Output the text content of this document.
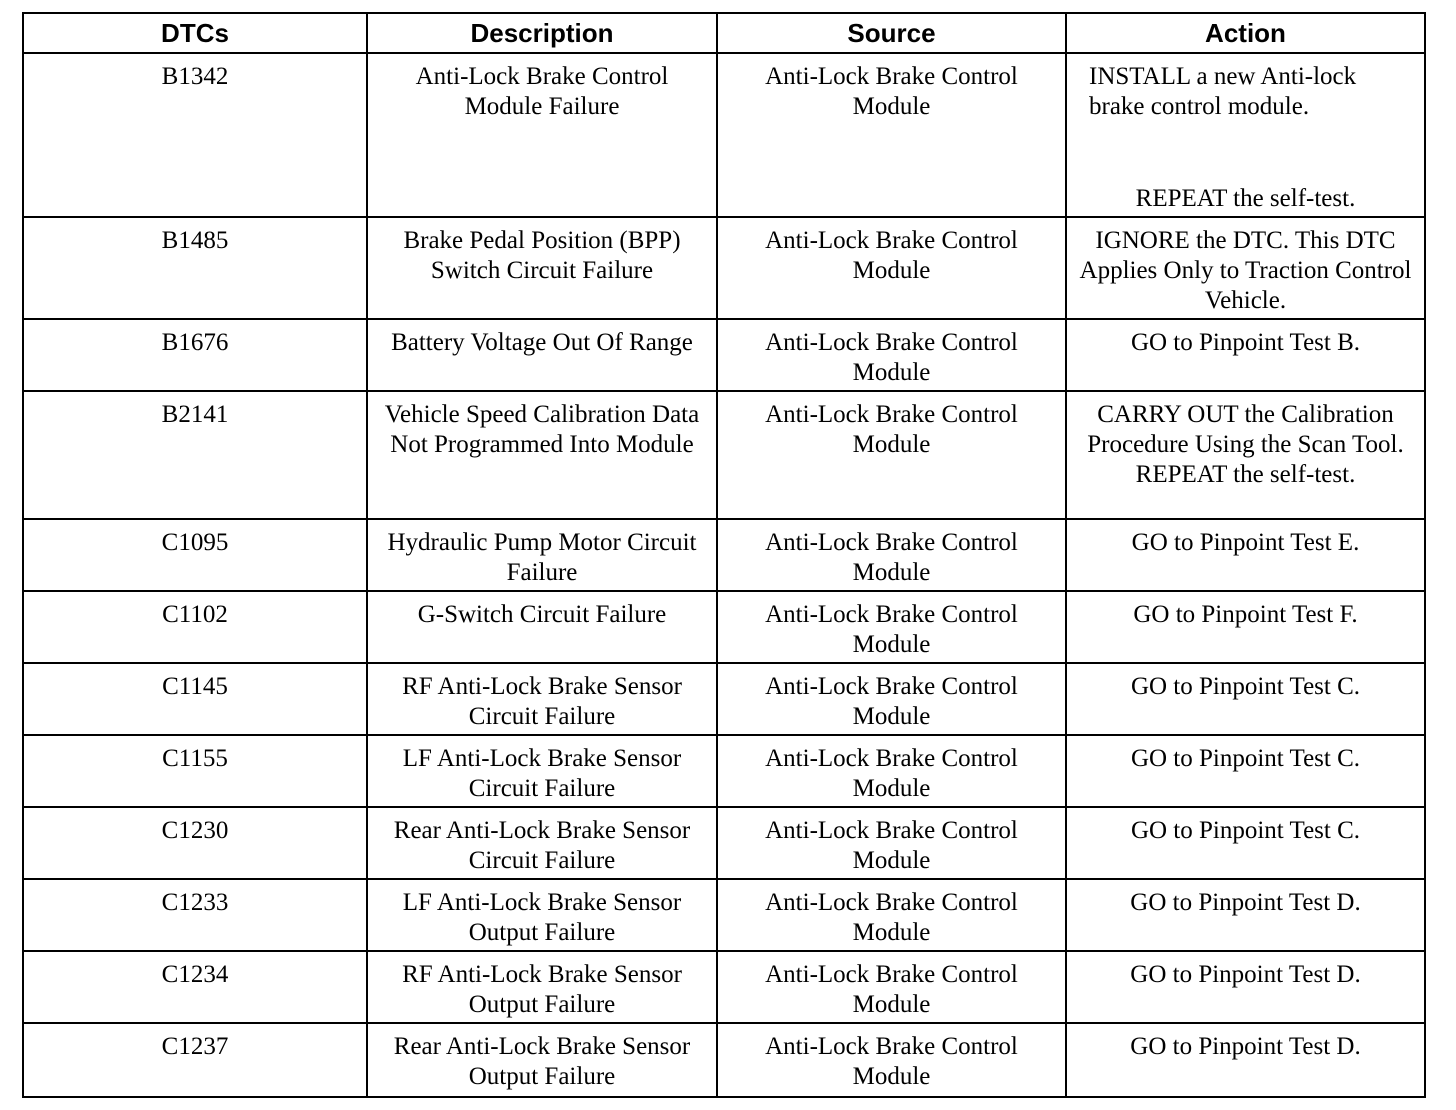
DTCs	Description	Source	Action
B1342	Anti-Lock Brake Control Module Failure	Anti-Lock Brake Control Module	INSTALL a new Anti-lock brake control module.
REPEAT the self-test.

B1485	Brake Pedal Position (BPP) Switch Circuit Failure	Anti-Lock Brake Control Module	IGNORE the DTC. This DTC Applies Only to Traction Control Vehicle.
B1676	Battery Voltage Out Of Range	Anti-Lock Brake Control Module	GO to Pinpoint Test B.
B2141	Vehicle Speed Calibration Data Not Programmed Into Module	Anti-Lock Brake Control Module	CARRY OUT the Calibration Procedure Using the Scan Tool.
REPEAT the self-test.

C1095	Hydraulic Pump Motor Circuit Failure	Anti-Lock Brake Control Module	GO to Pinpoint Test E.
C1102	G-Switch Circuit Failure	Anti-Lock Brake Control Module	GO to Pinpoint Test F.
C1145	RF Anti-Lock Brake Sensor Circuit Failure	Anti-Lock Brake Control Module	GO to Pinpoint Test C.
C1155	LF Anti-Lock Brake Sensor Circuit Failure	Anti-Lock Brake Control Module	GO to Pinpoint Test C.
C1230	Rear Anti-Lock Brake Sensor Circuit Failure	Anti-Lock Brake Control Module	GO to Pinpoint Test C.
C1233	LF Anti-Lock Brake Sensor Output Failure	Anti-Lock Brake Control Module	GO to Pinpoint Test D.
C1234	RF Anti-Lock Brake Sensor Output Failure	Anti-Lock Brake Control Module	GO to Pinpoint Test D.
C1237	Rear Anti-Lock Brake Sensor Output Failure	Anti-Lock Brake Control Module	GO to Pinpoint Test D.
